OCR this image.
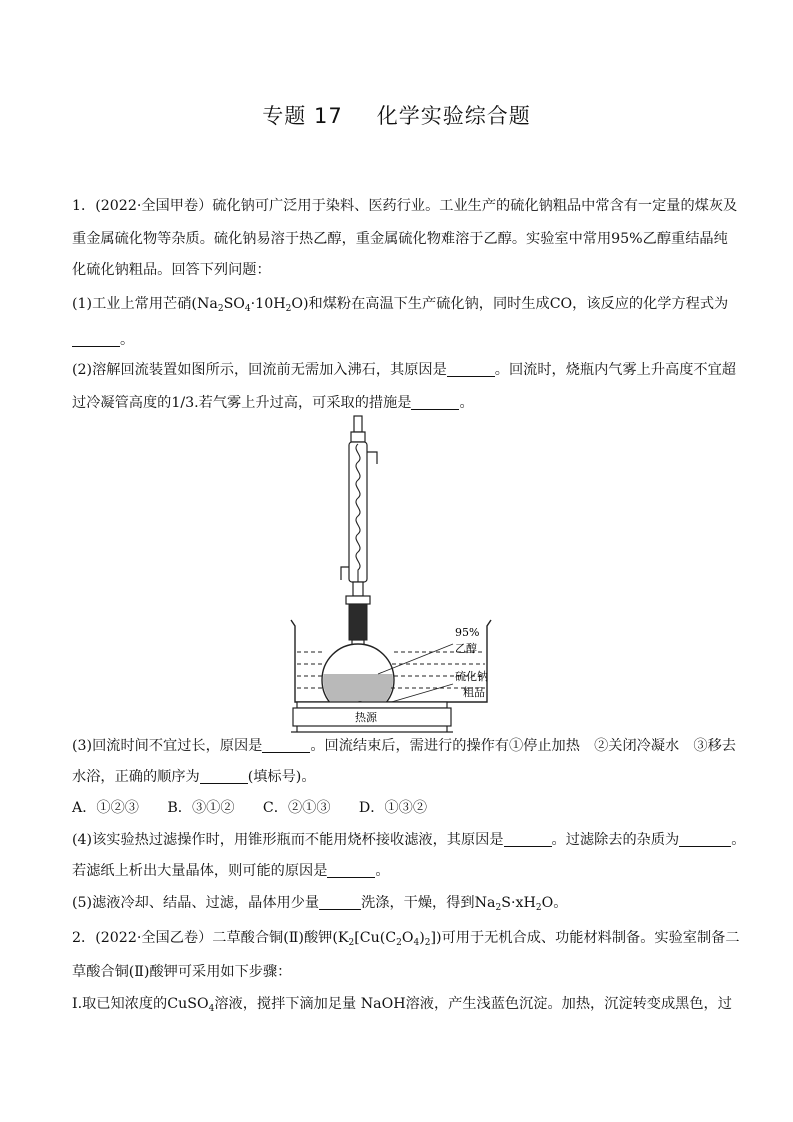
专题 17 化学实验综合题
1．(2022·全国甲卷）硫化钠可广泛用于染料、医药行业。工业生产的硫化钠粗品中常含有一定量的煤灰及
重金属硫化物等杂质。硫化钠易溶于热乙醇，重金属硫化物难溶于乙醇。实验室中常用95%乙醇重结晶纯
化硫化钠粗品。回答下列问题：
(1)工业上常用芒硝$(Na_2SO_4\cdot 10H_2O)$和煤粉在高温下生产硫化钠，同时生成CO，该反应的化学方程式为
。
(2)溶解回流装置如图所示，回流前无需加入沸石，其原因是	。回流时，烧瓶内气雾上升高度不宜超
过冷凝管高度的1/3.若气雾上升过高，可采取的措施是	。
95%
乙醇
硫化钠
粗品
热源
(3)回流时间不宜过长，原因是	。回流结束后，需进行的操作有①停止加热　②关闭冷凝水　③移去
水浴，正确的顺序为	(填标号)。
A．①②③　　B．③①②　　C．②①③　　D．①③②
(4)该实验热过滤操作时，用锥形瓶而不能用烧杯接收滤液，其原因是	。过滤除去的杂质为	。
若滤纸上析出大量晶体，则可能的原因是	。
(5)滤液冷却、结晶、过滤，晶体用少量	洗涤，干燥，得到$Na_2S\cdot xH_2O$。
2．(2022·全国乙卷）二草酸合铜(Ⅱ)酸钾$(K_2[Cu(C_2O_4)_2])$可用于无机合成、功能材料制备。实验室制备二
草酸合铜(Ⅱ)酸钾可采用如下步骤：
Ⅰ.取已知浓度的CuSO$_4$溶液，搅拌下滴加足量 NaOH溶液，产生浅蓝色沉淀。加热，沉淀转变成黑色，过
